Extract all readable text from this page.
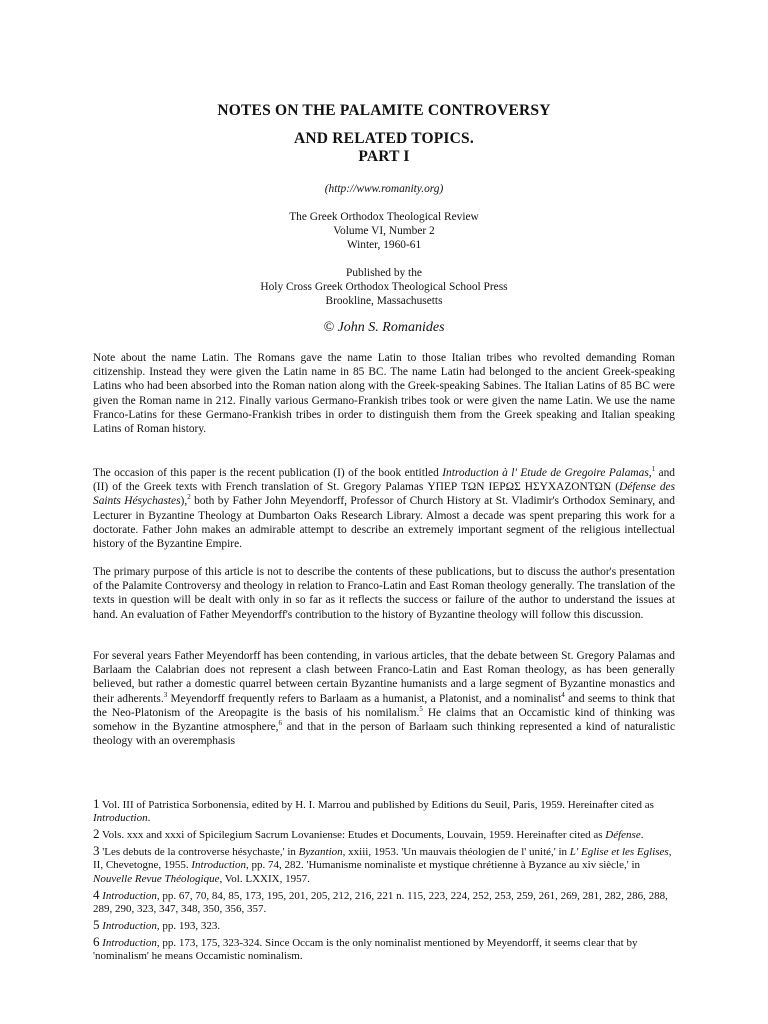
NOTES ON THE PALAMITE CONTROVERSY
AND RELATED TOPICS.
PART I
(http://www.romanity.org)
The Greek Orthodox Theological Review
Volume VI, Number 2
Winter, 1960-61
Published by the
Holy Cross Greek Orthodox Theological School Press
Brookline, Massachusetts
© John S. Romanides
Note about the name Latin. The Romans gave the name Latin to those Italian tribes who revolted demanding Roman citizenship. Instead they were given the Latin name in 85 BC. The name Latin had belonged to the ancient Greek-speaking Latins who had been absorbed into the Roman nation along with the Greek-speaking Sabines. The Italian Latins of 85 BC were given the Roman name in 212. Finally various Germano-Frankish tribes took or were given the name Latin. We use the name Franco-Latins for these Germano-Frankish tribes in order to distinguish them from the Greek speaking and Italian speaking Latins of Roman history.
The occasion of this paper is the recent publication (I) of the book entitled Introduction à l' Etude de Gregoire Palamas,$^1$ and (II) of the Greek texts with French translation of St. Gregory Palamas ΥΠΕΡ ΤΩΝ ΙΕΡΩΣ ΗΣΥΧΑΖΟΝΤΩΝ (Défense des Saints Hésychastes),$^2$ both by Father John Meyendorff, Professor of Church History at St. Vladimir's Orthodox Seminary, and Lecturer in Byzantine Theology at Dumbarton Oaks Research Library. Almost a decade was spent preparing this work for a doctorate. Father John makes an admirable attempt to describe an extremely important segment of the religious intellectual history of the Byzantine Empire.
The primary purpose of this article is not to describe the contents of these publications, but to discuss the author's presentation of the Palamite Controversy and theology in relation to Franco-Latin and East Roman theology generally. The translation of the texts in question will be dealt with only in so far as it reflects the success or failure of the author to understand the issues at hand. An evaluation of Father Meyendorff's contribution to the history of Byzantine theology will follow this discussion.
For several years Father Meyendorff has been contending, in various articles, that the debate between St. Gregory Palamas and Barlaam the Calabrian does not represent a clash between Franco-Latin and East Roman theology, as has been generally believed, but rather a domestic quarrel between certain Byzantine humanists and a large segment of Byzantine monastics and their adherents.$^3$ Meyendorff frequently refers to Barlaam as a humanist, a Platonist, and a nominalist$^4$ and seems to think that the Neo-Platonism of the Areopagite is the basis of his nomilalism.$^5$ He claims that an Occamistic kind of thinking was somehow in the Byzantine atmosphere,$^6$ and that in the person of Barlaam such thinking represented a kind of naturalistic theology with an overemphasis
1 Vol. III of Patristica Sorbonensia, edited by H. I. Marrou and published by Editions du Seuil, Paris, 1959. Hereinafter cited as Introduction.
2 Vols. xxx and xxxi of Spicilegium Sacrum Lovaniense: Etudes et Documents, Louvain, 1959. Hereinafter cited as Défense.
3 'Les debuts de la controverse hésychaste,' in Byzantion, xxiii, 1953. 'Un mauvais théologien de l' unité,' in L' Eglise et les Eglises, II, Chevetogne, 1955. Introduction, pp. 74, 282. 'Humanisme nominaliste et mystique chrétienne à Byzance au xiv siècle,' in Nouvelle Revue Théologique, Vol. LXXIX, 1957.
4 Introduction, pp. 67, 70, 84, 85, 173, 195, 201, 205, 212, 216, 221 n. 115, 223, 224, 252, 253, 259, 261, 269, 281, 282, 286, 288, 289, 290, 323, 347, 348, 350, 356, 357.
5 Introduction, pp. 193, 323.
6 Introduction, pp. 173, 175, 323-324. Since Occam is the only nominalist mentioned by Meyendorff, it seems clear that by 'nominalism' he means Occamistic nominalism.
